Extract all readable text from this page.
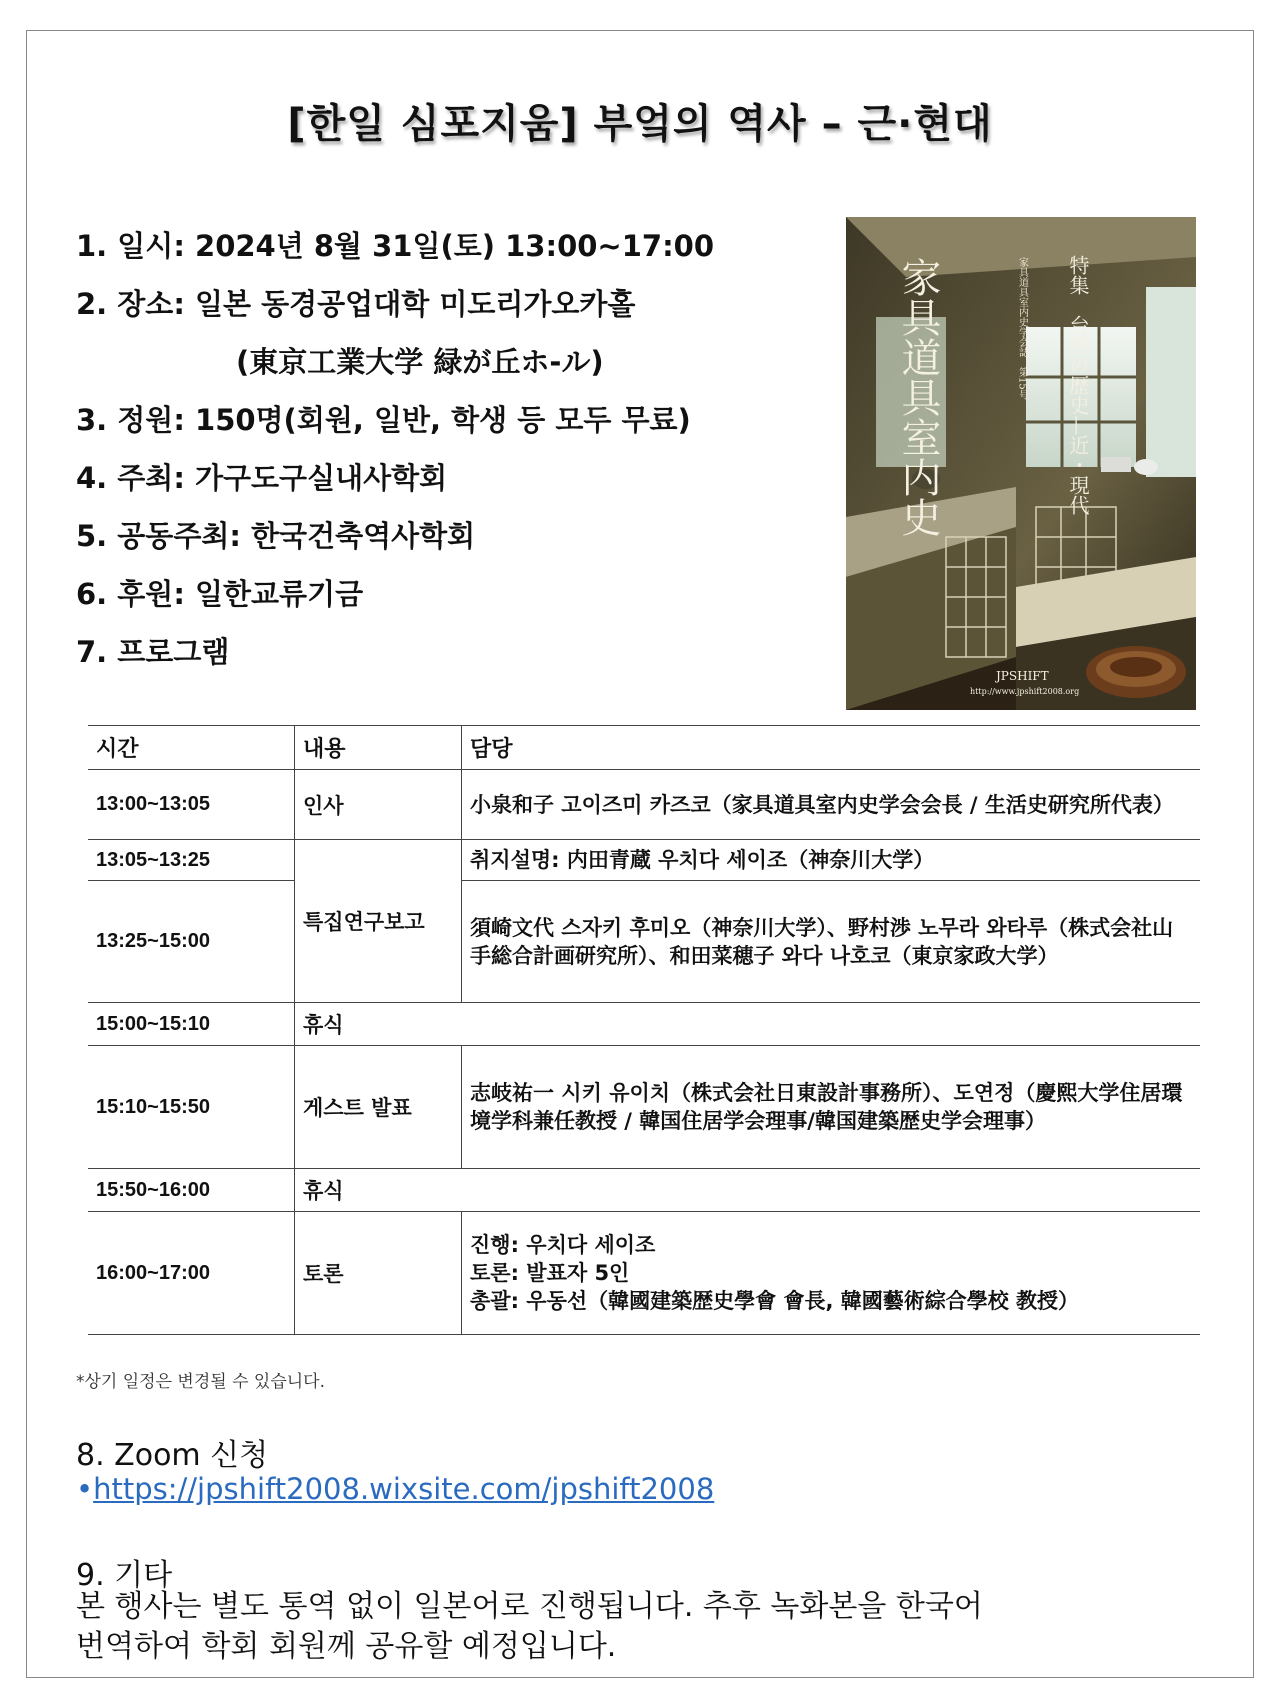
[한일 심포지움] 부엌의 역사 – 근·현대
1. 일시: 2024년 8월 31일(토) 13:00~17:00
2. 장소: 일본 동경공업대학 미도리가오카홀
(東京工業大学 緑が丘ホ-ル)
3. 정원: 150명(회원, 일반, 학생 등 모두 무료)
4. 주최: 가구도구실내사학회
5. 공동주최: 한국건축역사학회
6. 후원: 일한교류기금
7. 프로그램
家具道具室内史	特集　台所の歴史—近・現代
家具道具室内史学会誌　第15号
JPSHIFT
http://www.jpshift2008.org
시간	내용	담당
13:00~13:05	인사	小泉和子 고이즈미 카즈코（家具道具室内史学会会長 / 生活史研究所代表）
13:05~13:25	특집연구보고	취지설명: 内田青蔵 우치다 세이조（神奈川大学）
13:25~15:00		須崎文代 스자키 후미오（神奈川大学）、野村渉 노무라 와타루（株式会社山手総合計画研究所）、和田菜穂子 와다 나호코（東京家政大学）
15:00~15:10	휴식	
15:10~15:50	게스트 발표	志岐祐一 시키 유이치（株式会社日東設計事務所）、도연정（慶熙大学住居環境学科兼任教授 / 韓国住居学会理事/韓国建築歴史学会理事）
15:50~16:00	휴식	
16:00~17:00	토론	진행: 우치다 세이조
토론: 발표자 5인
총괄: 우동선（韓國建築歴史學會 會長, 韓國藝術綜合學校 教授）
*상기 일정은 변경될 수 있습니다.
8. Zoom 신청
•https://jpshift2008.wixsite.com/jpshift2008
9. 기타
본 행사는 별도 통역 없이 일본어로 진행됩니다. 추후 녹화본을 한국어
번역하여 학회 회원께 공유할 예정입니다.
